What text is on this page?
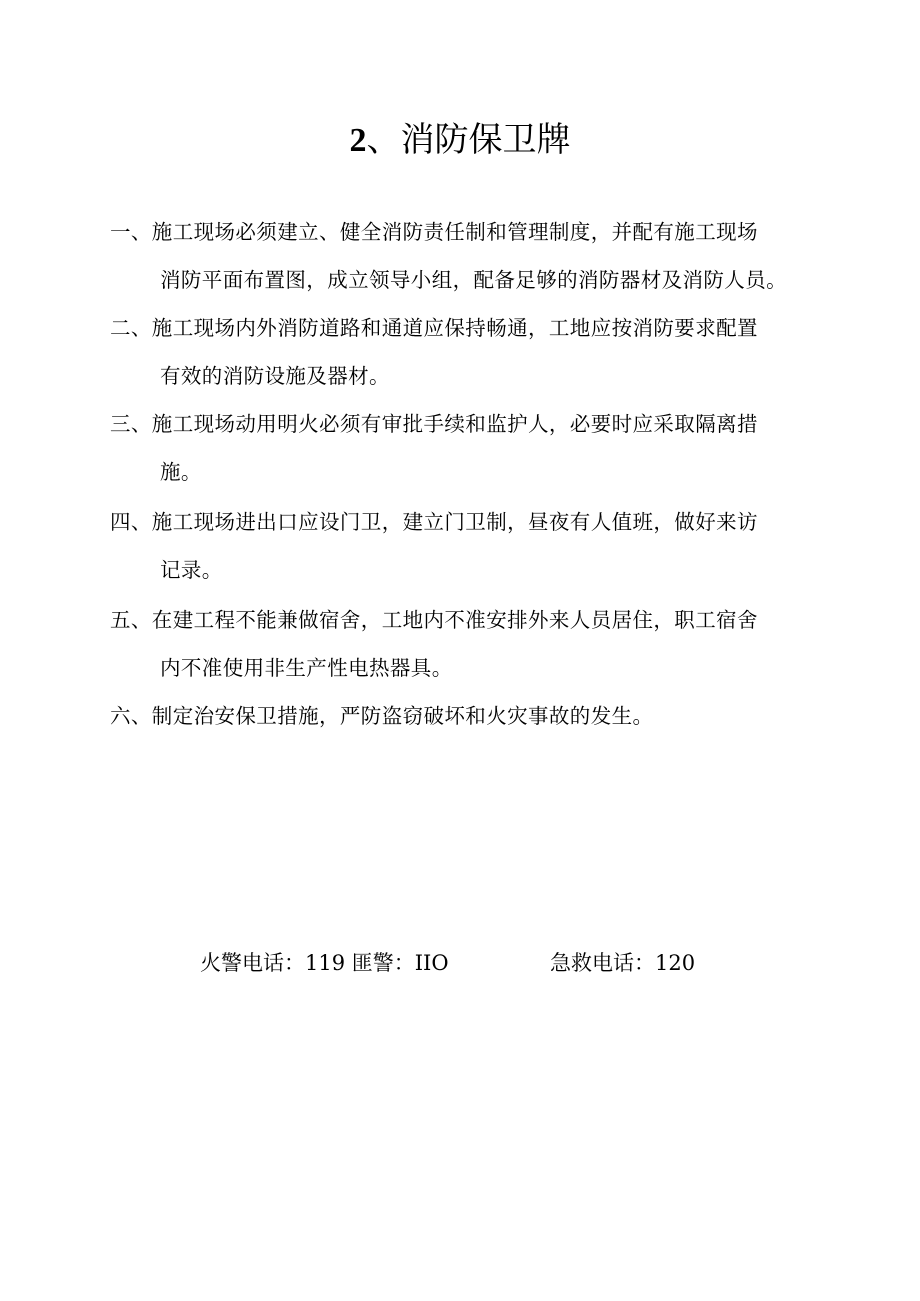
2、消防保卫牌
一、施工现场必须建立、健全消防责任制和管理制度，并配有施工现场
消防平面布置图，成立领导小组，配备足够的消防器材及消防人员。
二、施工现场内外消防道路和通道应保持畅通，工地应按消防要求配置
有效的消防设施及器材。
三、施工现场动用明火必须有审批手续和监护人，必要时应采取隔离措
施。
四、施工现场进出口应设门卫，建立门卫制，昼夜有人值班，做好来访
记录。
五、在建工程不能兼做宿舍，工地内不准安排外来人员居住，职工宿舍
内不准使用非生产性电热器具。
六、制定治安保卫措施，严防盗窃破坏和火灾事故的发生。
火警电话：119 匪警：IIO	急救电话：120
